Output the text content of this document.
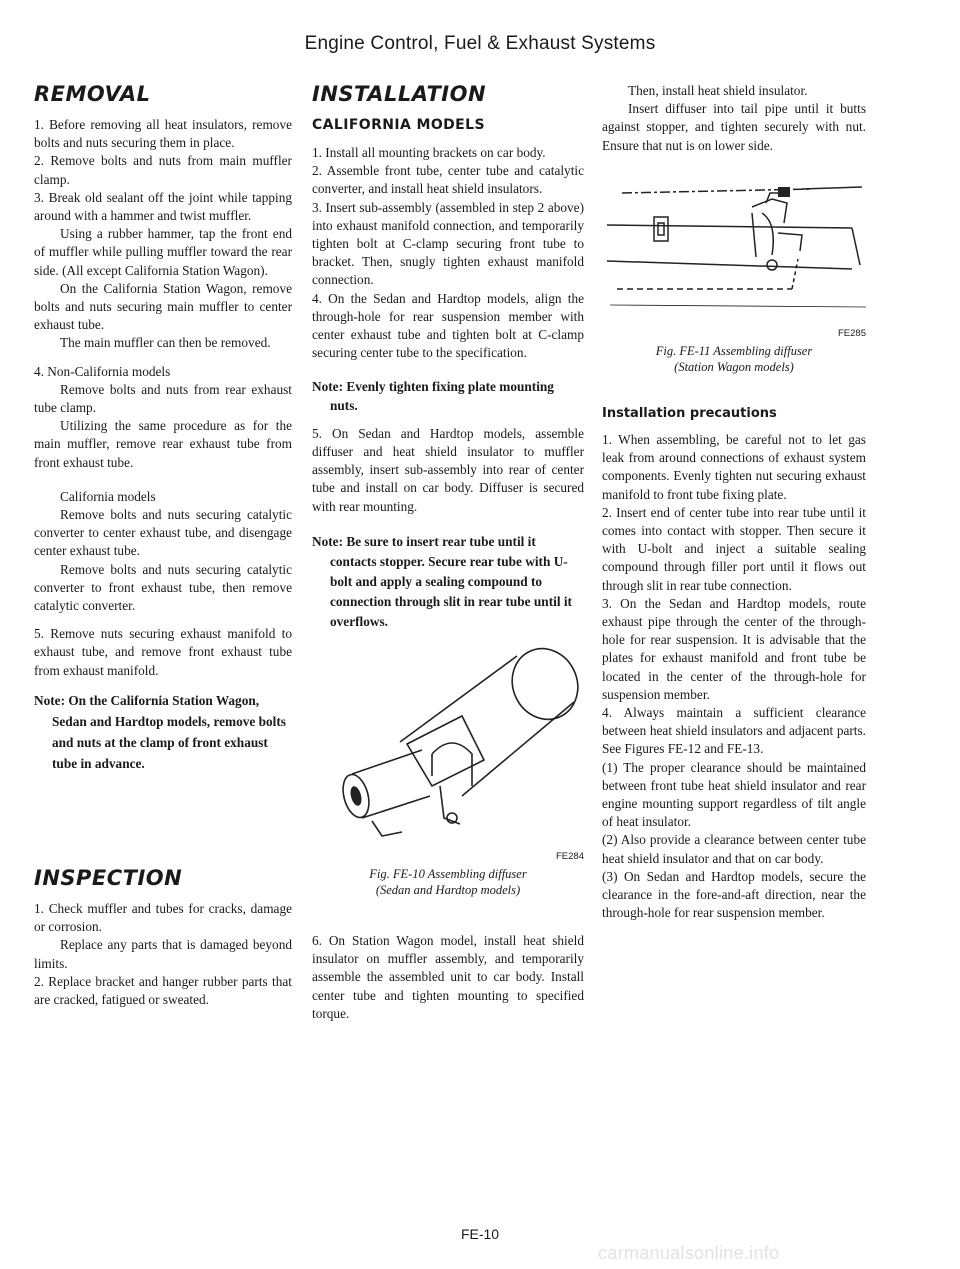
Engine Control, Fuel & Exhaust Systems
REMOVAL

1. Before removing all heat insulators, remove bolts and nuts securing them in place.

2. Remove bolts and nuts from main muffler clamp.

3. Break old sealant off the joint while tapping around with a hammer and twist muffler.

Using a rubber hammer, tap the front end of muffler while pulling muffler toward the rear side. (All except California Station Wagon).

On the California Station Wagon, remove bolts and nuts securing main muffler to center exhaust tube.

The main muffler can then be removed.

4. Non-California models

Remove bolts and nuts from rear exhaust tube clamp.

Utilizing the same procedure as for the main muffler, remove rear exhaust tube from front exhaust tube.

California models

Remove bolts and nuts securing catalytic converter to center exhaust tube, and disengage center exhaust tube.

Remove bolts and nuts securing catalytic converter to front exhaust tube, then remove catalytic converter.

5. Remove nuts securing exhaust manifold to exhaust tube, and remove front exhaust tube from exhaust manifold.

Note: On the California Station Wagon, Sedan and Hardtop models, remove bolts and nuts at the clamp of front exhaust tube in advance.

INSPECTION

1. Check muffler and tubes for cracks, damage or corrosion.

Replace any parts that is damaged beyond limits.

2. Replace bracket and hanger rubber parts that are cracked, fatigued or sweated.

INSTALLATION
CALIFORNIA MODELS

1. Install all mounting brackets on car body.

2. Assemble front tube, center tube and catalytic converter, and install heat shield insulators.

3. Insert sub-assembly (assembled in step 2 above) into exhaust manifold connection, and temporarily tighten bolt at C-clamp securing front tube to bracket. Then, snugly tighten exhaust manifold connection.

4. On the Sedan and Hardtop models, align the through-hole for rear suspension member with center exhaust tube and tighten bolt at C-clamp securing center tube to the specification.

Note: Evenly tighten fixing plate mounting nuts.

5. On Sedan and Hardtop models, assemble diffuser and heat shield insulator to muffler assembly, insert sub-assembly into rear of center tube and install on car body. Diffuser is secured with rear mounting.

Note: Be sure to insert rear tube until it contacts stopper. Secure rear tube with U-bolt and apply a sealing compound to connection through slit in rear tube until it overflows.

FE284
Fig. FE-10 Assembling diffuser
(Sedan and Hardtop models)

6. On Station Wagon model, install heat shield insulator on muffler assembly, and temporarily assemble the assembled unit to car body. Install center tube and tighten mounting to specified torque.

Then, install heat shield insulator.

Insert diffuser into tail pipe until it butts against stopper, and tighten securely with nut. Ensure that nut is on lower side.

FE285
Fig. FE-11 Assembling diffuser
(Station Wagon models)
Installation precautions

1. When assembling, be careful not to let gas leak from around connections of exhaust system components. Evenly tighten nut securing exhaust manifold to front tube fixing plate.

2. Insert end of center tube into rear tube until it comes into contact with stopper. Then secure it with U-bolt and inject a suitable sealing compound through filler port until it flows out through slit in rear tube connection.

3. On the Sedan and Hardtop models, route exhaust pipe through the center of the through-hole for rear suspension. It is advisable that the plates for exhaust manifold and front tube be located in the center of the through-hole for suspension member.

4. Always maintain a sufficient clearance between heat shield insulators and adjacent parts. See Figures FE-12 and FE-13.

(1) The proper clearance should be maintained between front tube heat shield insulator and rear engine mounting support regardless of tilt angle of heat insulator.

(2) Also provide a clearance between center tube heat shield insulator and that on car body.

(3) On Sedan and Hardtop models, secure the clearance in the fore-and-aft direction, near the through-hole for rear suspension member.

FE-10
carmanualsonline.info
